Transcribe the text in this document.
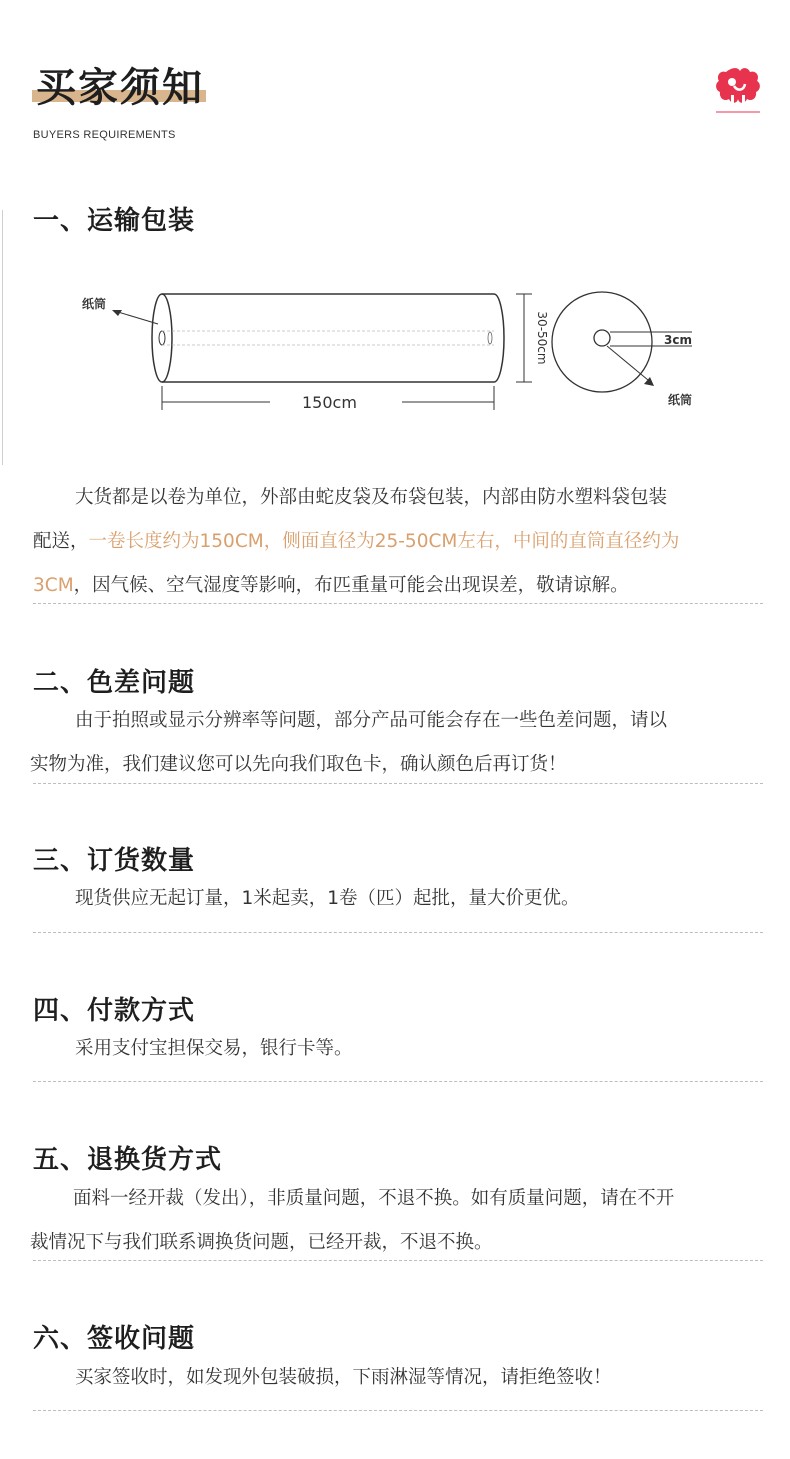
买家须知
BUYERS REQUIREMENTS
一、运输包装
纸筒
150cm
30-50cm	3cm
纸筒
大货都是以卷为单位，外部由蛇皮袋及布袋包装，内部由防水塑料袋包装
配送，一卷长度约为150CM，侧面直径为25-50CM左右，中间的直筒直径约为
3CM，因气候、空气湿度等影响，布匹重量可能会出现误差，敬请谅解。
二、色差问题
由于拍照或显示分辨率等问题，部分产品可能会存在一些色差问题，请以
实物为准，我们建议您可以先向我们取色卡，确认颜色后再订货！
三、订货数量
现货供应无起订量，1米起卖，1卷（匹）起批，量大价更优。
四、付款方式
采用支付宝担保交易，银行卡等。
五、退换货方式
面料一经开裁（发出），非质量问题，不退不换。如有质量问题，请在不开
裁情况下与我们联系调换货问题，已经开裁，不退不换。
六、签收问题
买家签收时，如发现外包装破损，下雨淋湿等情况，请拒绝签收！
